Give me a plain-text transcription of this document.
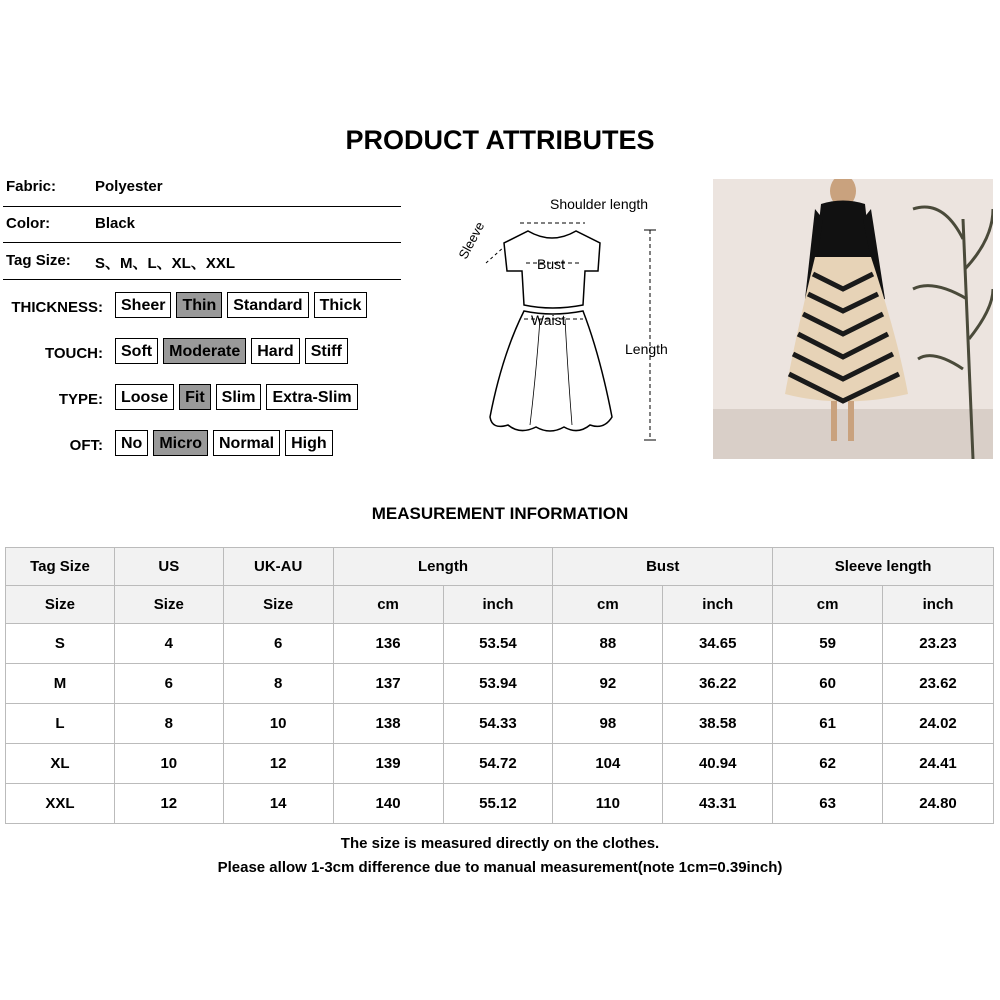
PRODUCT ATTRIBUTES
Fabric:	Polyester
Color:	Black
Tag Size: S、M、L、XL、XXL
THICKNESS:	Sheer	Thin	Standard	Thick
TOUCH:	Soft	Moderate	Hard	Stiff
TYPE:	Loose	Fit	Slim	Extra-Slim
OFT:	No	Micro	Normal	High
Shoulder length
Sleeve
Bust
Waist
Length
MEASUREMENT INFORMATION
Tag Size	US	UK-AU	Length		Bust		Sleeve length	
Size	Size	Size	cm	inch	cm	inch	cm	inch
S	4	6	136	53.54	88	34.65	59	23.23
M	6	8	137	53.94	92	36.22	60	23.62
L	8	10	138	54.33	98	38.58	61	24.02
XL	10	12	139	54.72	104	40.94	62	24.41
XXL	12	14	140	55.12	110	43.31	63	24.80
The size is measured directly on the clothes.
Please allow 1-3cm difference due to manual measurement(note 1cm=0.39inch)
